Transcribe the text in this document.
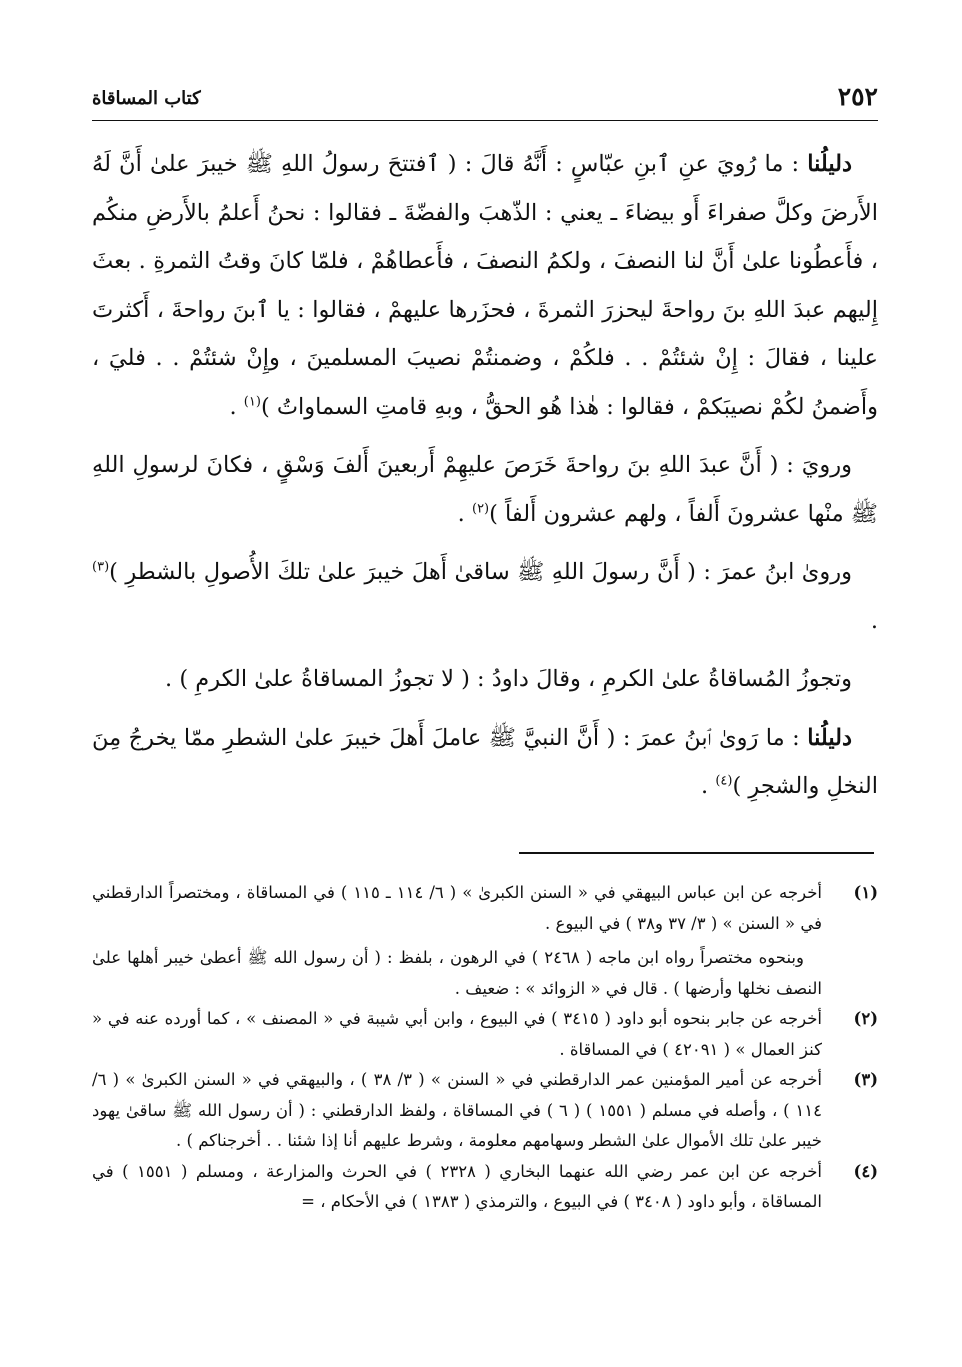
٢٥٢
كتاب المساقاة

دليلُنا : ما رُويَ عنِ ٱبنِ عبّاسٍ : أَنَّهُ قالَ : ( ٱفتتحَ رسولُ اللهِ ﷺ خيبرَ علىٰ أَنَّ لَهُ الأَرضَ وكلَّ صفراءَ أَو بيضاءَ ـ يعني : الذّهبَ والفضّةَ ـ فقالوا : نحنُ أَعلمُ بالأَرضِ منكُم ، فأَعطُونا علىٰ أَنَّ لنا النصفَ ، ولكمُ النصفَ ، فأَعطاهُمْ ، فلمّا كانَ وقتُ الثمرةِ . بعثَ إِليهم عبدَ اللهِ بنَ رواحةَ ليحزرَ الثمرةَ ، فحزَرها عليهمْ ، فقالوا : يا ٱبنَ رواحةَ ، أَكثرتَ علينا ، فقالَ : إِنْ شئتُمْ . . فلكُمْ ، وضمنتُمْ نصيبَ المسلمينَ ، وإِنْ شئتُمْ . . فليَ ، وأَضمنُ لكُمْ نصيبَكمْ ، فقالوا : هٰذا هُو الحقُّ ، وبهِ قامتِ السماواتُ )$^{(١)}$ .

ورويَ : ( أَنَّ عبدَ اللهِ بنَ رواحةَ خَرَصَ عليهِمْ أَربعينَ أَلفَ وَسْقٍ ، فكانَ لرسولِ اللهِ ﷺ منْها عشرونَ أَلفاً ، ولهم عشرون أَلفاً )$^{(٢)}$ .

وروىٰ ابنُ عمرَ : ( أَنَّ رسولَ اللهِ ﷺ ساقىٰ أَهلَ خيبرَ علىٰ تلكَ الأُصولِ بالشطرِ )$^{(٣)}$ .

وتجوزُ المُساقاةُ علىٰ الكرمِ ، وقالَ داودُ : ( لا تجوزُ المساقاةُ علىٰ الكرمِ ) .

دليلُنا : ما رَوىٰ ٱبنُ عمرَ : ( أَنَّ النبيَّ ﷺ عاملَ أَهلَ خيبرَ علىٰ الشطرِ ممّا يخرجُ مِنَ النخلِ والشجرِ )$^{(٤)}$ .

(١)

أخرجه عن ابن عباس البيهقي في « السنن الكبرىٰ » ( ٦/ ١١٤ ـ ١١٥ ) في المساقاة ، ومختصراً الدارقطني في « السنن » ( ٣/ ٣٧ و٣٨ ) في البيوع .

وبنحوه مختصراً رواه ابن ماجه ( ٢٤٦٨ ) في الرهون ، بلفظ : ( أن رسول الله ﷺ أعطىٰ خيبر أهلها علىٰ النصف نخلها وأرضها ) . قال في « الزوائد » : ضعيف .

(٢)

أخرجه عن جابر بنحوه أبو داود ( ٣٤١٥ ) في البيوع ، وابن أبي شيبة في « المصنف » ، كما أورده عنه في « كنز العمال » ( ٤٢٠٩١ ) في المساقاة .

(٣)

أخرجه عن أمير المؤمنين عمر الدارقطني في « السنن » ( ٣/ ٣٨ ) ، والبيهقي في « السنن الكبرىٰ » ( ٦/ ١١٤ ) ، وأصله في مسلم ( ١٥٥١ ) ( ٦ ) في المساقاة ، ولفظ الدارقطني : ( أن رسول الله ﷺ ساقىٰ يهود خيبر علىٰ تلك الأموال علىٰ الشطر وسهامهم معلومة ، وشرط عليهم أنا إذا شئنا . . أخرجناكم ) .

(٤)

أخرجه عن ابن عمر رضي الله عنهما البخاري ( ٢٣٢٨ ) في الحرث والمزارعة ، ومسلم ( ١٥٥١ ) في المساقاة ، وأبو داود ( ٣٤٠٨ ) في البيوع ، والترمذي ( ١٣٨٣ ) في الأحكام ، =
